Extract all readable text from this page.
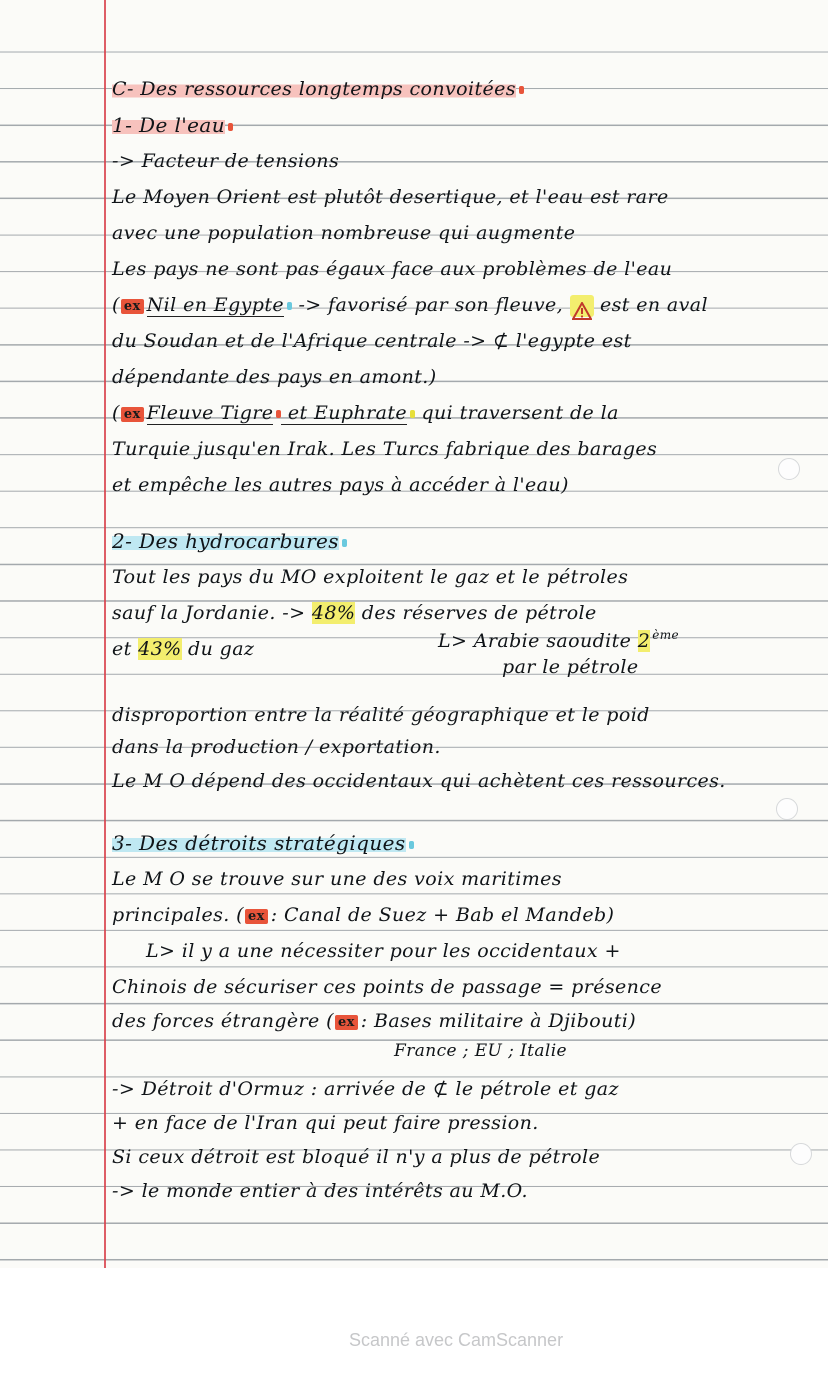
C- Des ressources longtemps convoitées
1- De l'eau
-> Facteur de tensions
Le Moyen Orient est plutôt desertique, et l'eau est rare
avec une population nombreuse qui augmente
Les pays ne sont pas égaux face aux problèmes de l'eau
( ex Nil en Egypte -> favorisé par son fleuve,  est en aval
du Soudan et de l'Afrique centrale -> ⊄ l'egypte est
dépendante des pays en amont.)
( ex Fleuve Tigre et Euphrate qui traversent de la
Turquie jusqu'en Irak. Les Turcs fabrique des barages
et empêche les autres pays à accéder à l'eau)
2- Des hydrocarbures
Tout les pays du MO exploitent le gaz et le pétroles
sauf la Jordanie. -> 48% des réserves de pétrole
et 43% du gaz	L> Arabie saoudite 2 $^{ème}$
par le pétrole
disproportion entre la réalité géographique et le poid
dans la production / exportation.
Le M O dépend des occidentaux qui achètent ces ressources.
3- Des détroits stratégiques
Le M O se trouve sur une des voix maritimes
principales. ( ex : Canal de Suez + Bab el Mandeb)
L> il y a une nécessiter pour les occidentaux +
Chinois de sécuriser ces points de passage = présence
des forces étrangère ( ex : Bases militaire à Djibouti)
France ; EU ; Italie
-> Détroit d'Ormuz : arrivée de ⊄ le pétrole et gaz
+ en face de l'Iran qui peut faire pression.
Si ceux détroit est bloqué il n'y a plus de pétrole
-> le monde entier à des intérêts au M.O.
Scanné avec CamScanner
